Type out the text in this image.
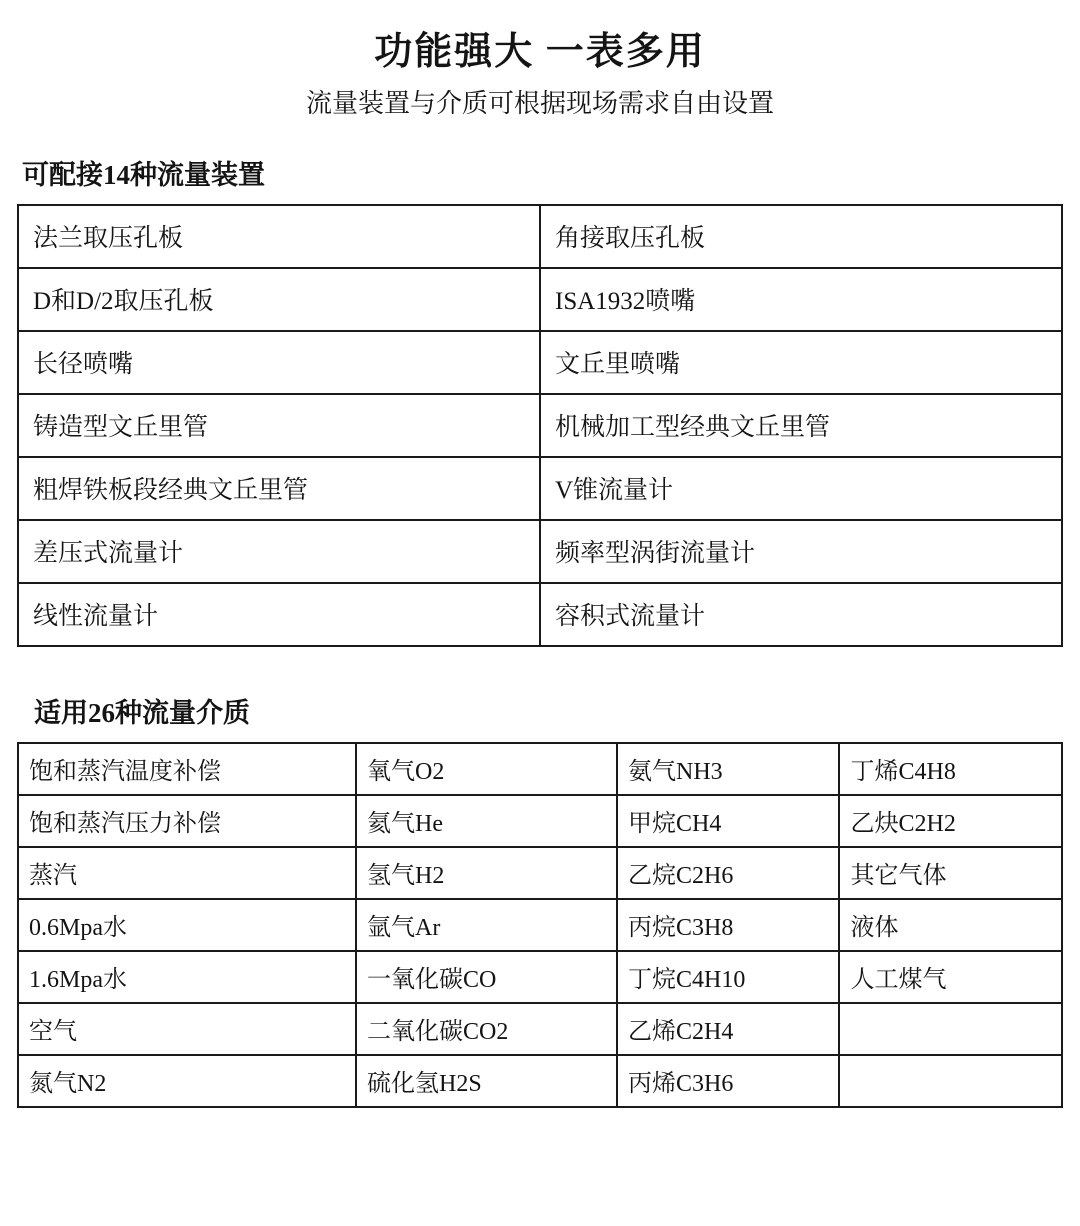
功能强大 一表多用
流量装置与介质可根据现场需求自由设置
可配接14种流量装置
法兰取压孔板	角接取压孔板
D和D/2取压孔板	ISA1932喷嘴
长径喷嘴	文丘里喷嘴
铸造型文丘里管	机械加工型经典文丘里管
粗焊铁板段经典文丘里管	V锥流量计
差压式流量计	频率型涡街流量计
线性流量计	容积式流量计
适用26种流量介质
饱和蒸汽温度补偿	氧气O2	氨气NH3	丁烯C4H8
饱和蒸汽压力补偿	氦气He	甲烷CH4	乙炔C2H2
蒸汽	氢气H2	乙烷C2H6	其它气体
0.6Mpa水	氩气Ar	丙烷C3H8	液体
1.6Mpa水	一氧化碳CO	丁烷C4H10	人工煤气
空气	二氧化碳CO2	乙烯C2H4	
氮气N2	硫化氢H2S	丙烯C3H6	
